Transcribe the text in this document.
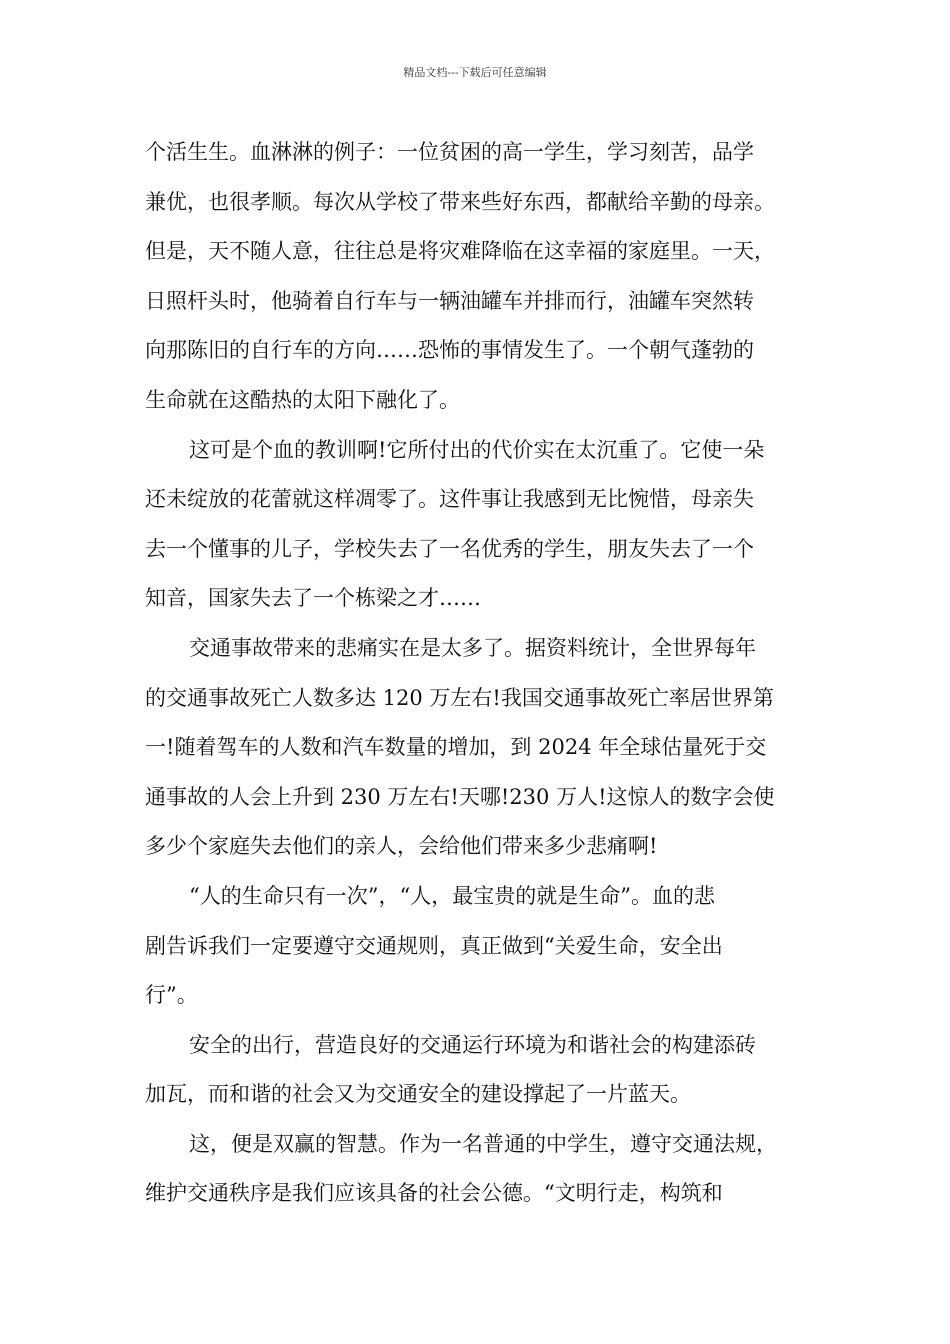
精品文档---下载后可任意编辑
个活生生。血淋淋的例子：一位贫困的高一学生，学习刻苦，品学
兼优，也很孝顺。每次从学校了带来些好东西，都献给辛勤的母亲。
但是，天不随人意，往往总是将灾难降临在这幸福的家庭里。一天，
日照杆头时，他骑着自行车与一辆油罐车并排而行，油罐车突然转
向那陈旧的自行车的方向……恐怖的事情发生了。一个朝气蓬勃的
生命就在这酷热的太阳下融化了。
这可是个血的教训啊!它所付出的代价实在太沉重了。它使一朵
还未绽放的花蕾就这样凋零了。这件事让我感到无比惋惜，母亲失
去一个懂事的儿子，学校失去了一名优秀的学生，朋友失去了一个
知音，国家失去了一个栋梁之才……
交通事故带来的悲痛实在是太多了。据资料统计，全世界每年
的交通事故死亡人数多达 120 万左右!我国交通事故死亡率居世界第
一!随着驾车的人数和汽车数量的增加，到 2024 年全球估量死于交
通事故的人会上升到 230 万左右!天哪!230 万人!这惊人的数字会使
多少个家庭失去他们的亲人，会给他们带来多少悲痛啊!
“人的生命只有一次”，“人，最宝贵的就是生命”。血的悲
剧告诉我们一定要遵守交通规则，真正做到“关爱生命，安全出
行”。
安全的出行，营造良好的交通运行环境为和谐社会的构建添砖
加瓦，而和谐的社会又为交通安全的建设撑起了一片蓝天。
这，便是双赢的智慧。作为一名普通的中学生，遵守交通法规，
维护交通秩序是我们应该具备的社会公德。“文明行走，构筑和
